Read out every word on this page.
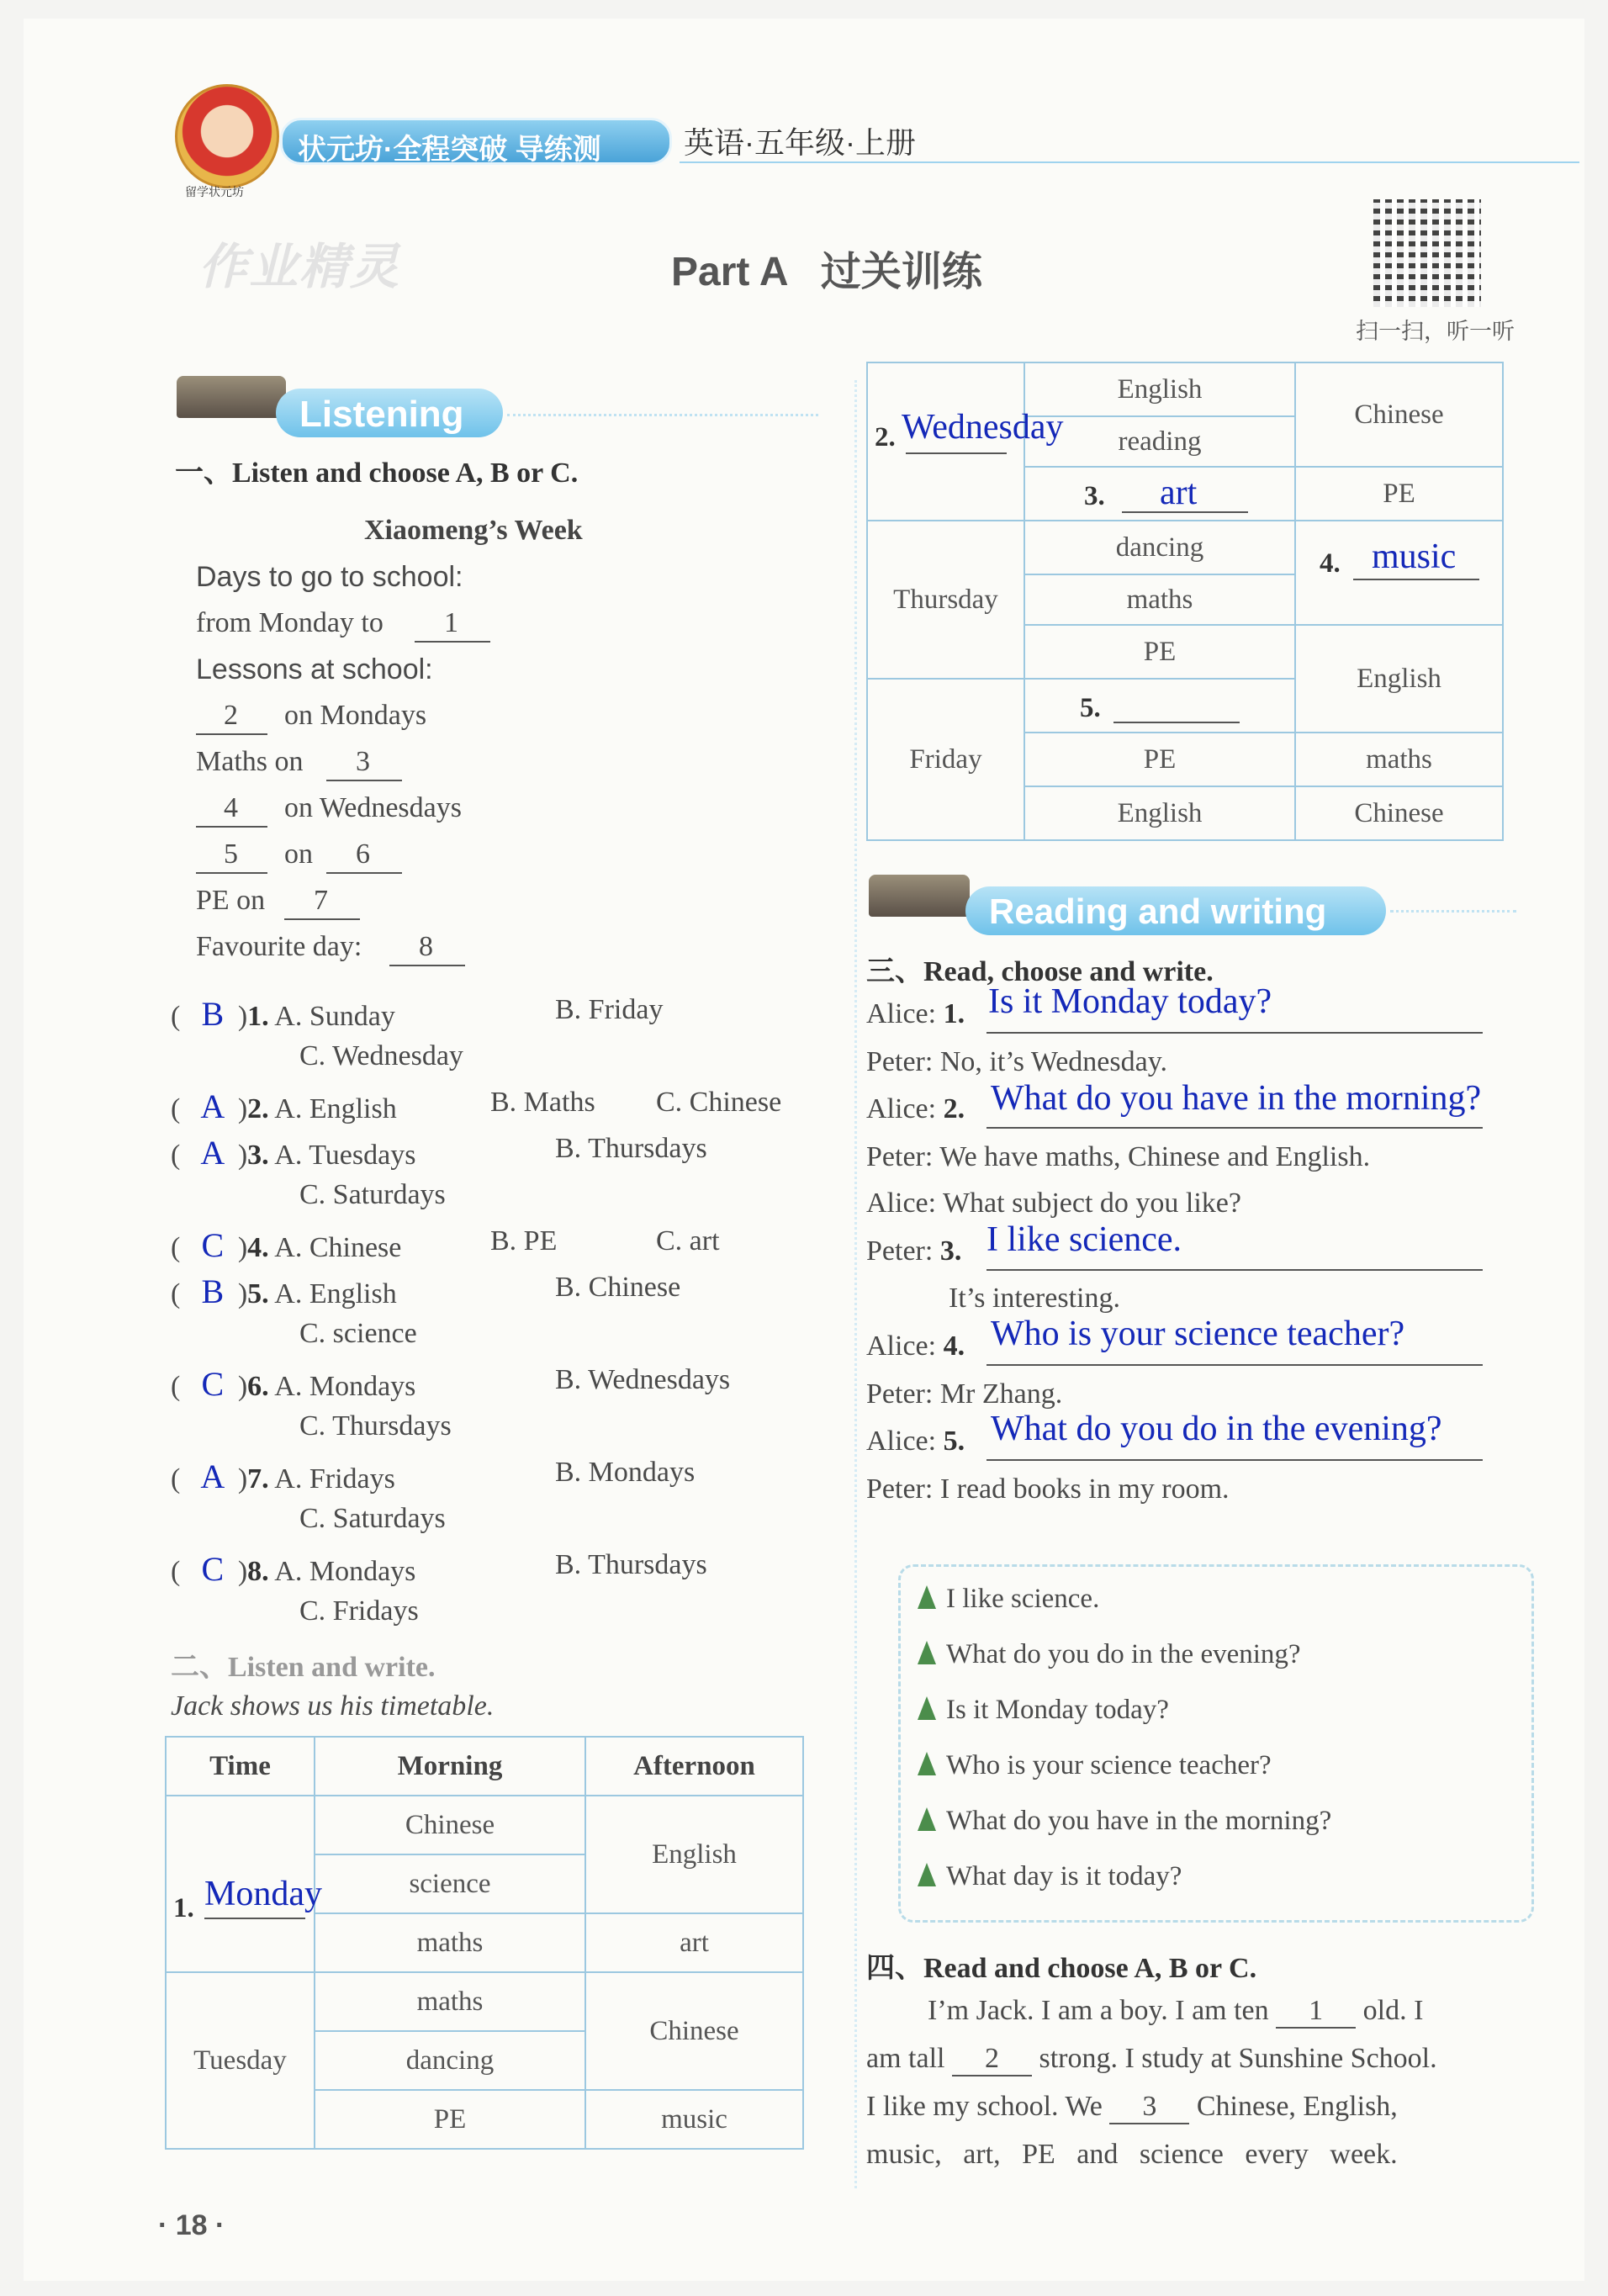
留学状元坊
状元坊·全程突破 导练测	英语·五年级·上册
作业精灵	Part A   过关训练
扫一扫，听一听
Listening
一、Listen and choose A, B or C.
Xiaomeng’s Week
Days to go to school:
from Monday to 1
Lessons at school:
2 on Mondays
Maths on 3
4 on Wednesdays
5 on 6
PE on 7
Favourite day: 8
( B )1. A. Sunday	B. Friday
C. Wednesday
( A )2. A. English	B. Maths C. Chinese
( A )3. A. Tuesdays	B. Thursdays
C. Saturdays
( C )4. A. Chinese	B. PE	C. art
( B )5. A. English	B. Chinese
C. science
( C )6. A. Mondays	B. Wednesdays
C. Thursdays
( A )7. A. Fridays	B. Mondays
C. Saturdays
( C )8. A. Mondays	B. Thursdays
C. Fridays
二、Listen and write.
Jack shows us his timetable.
Time	Morning	Afternoon

1. Monday	Chinese	English
	science	
	maths	art
Tuesday	maths	Chinese
	dancing	
	PE	music
2. Wednesday	English	Chinese
	reading	

	3. art	PE
Thursday	dancing	4. music

	maths	
	PE	English
Friday	5.	

	PE	maths
	English	Chinese
Reading and writing
三、Read, choose and write.
Alice: 1. Is it Monday today?
Peter: No, it’s Wednesday.
Alice: 2. What do you have in the morning?
Peter: We have maths, Chinese and English.
Alice: What subject do you like?
Peter: 3. I like science.
It’s interesting.
Alice: 4. Who is your science teacher?
Peter: Mr Zhang.
Alice: 5. What do you do in the evening?
Peter: I read books in my room.
I like science.
What do you do in the evening?
Is it Monday today?
Who is your science teacher?
What do you have in the morning?
What day is it today?
四、Read and choose A, B or C.
I’m Jack. I am a boy. I am ten 1 old. I
am tall 2 strong. I study at Sunshine School.
I like my school. We 3 Chinese, English,
music,   art,   PE   and   science   every   week.
· 18 ·
